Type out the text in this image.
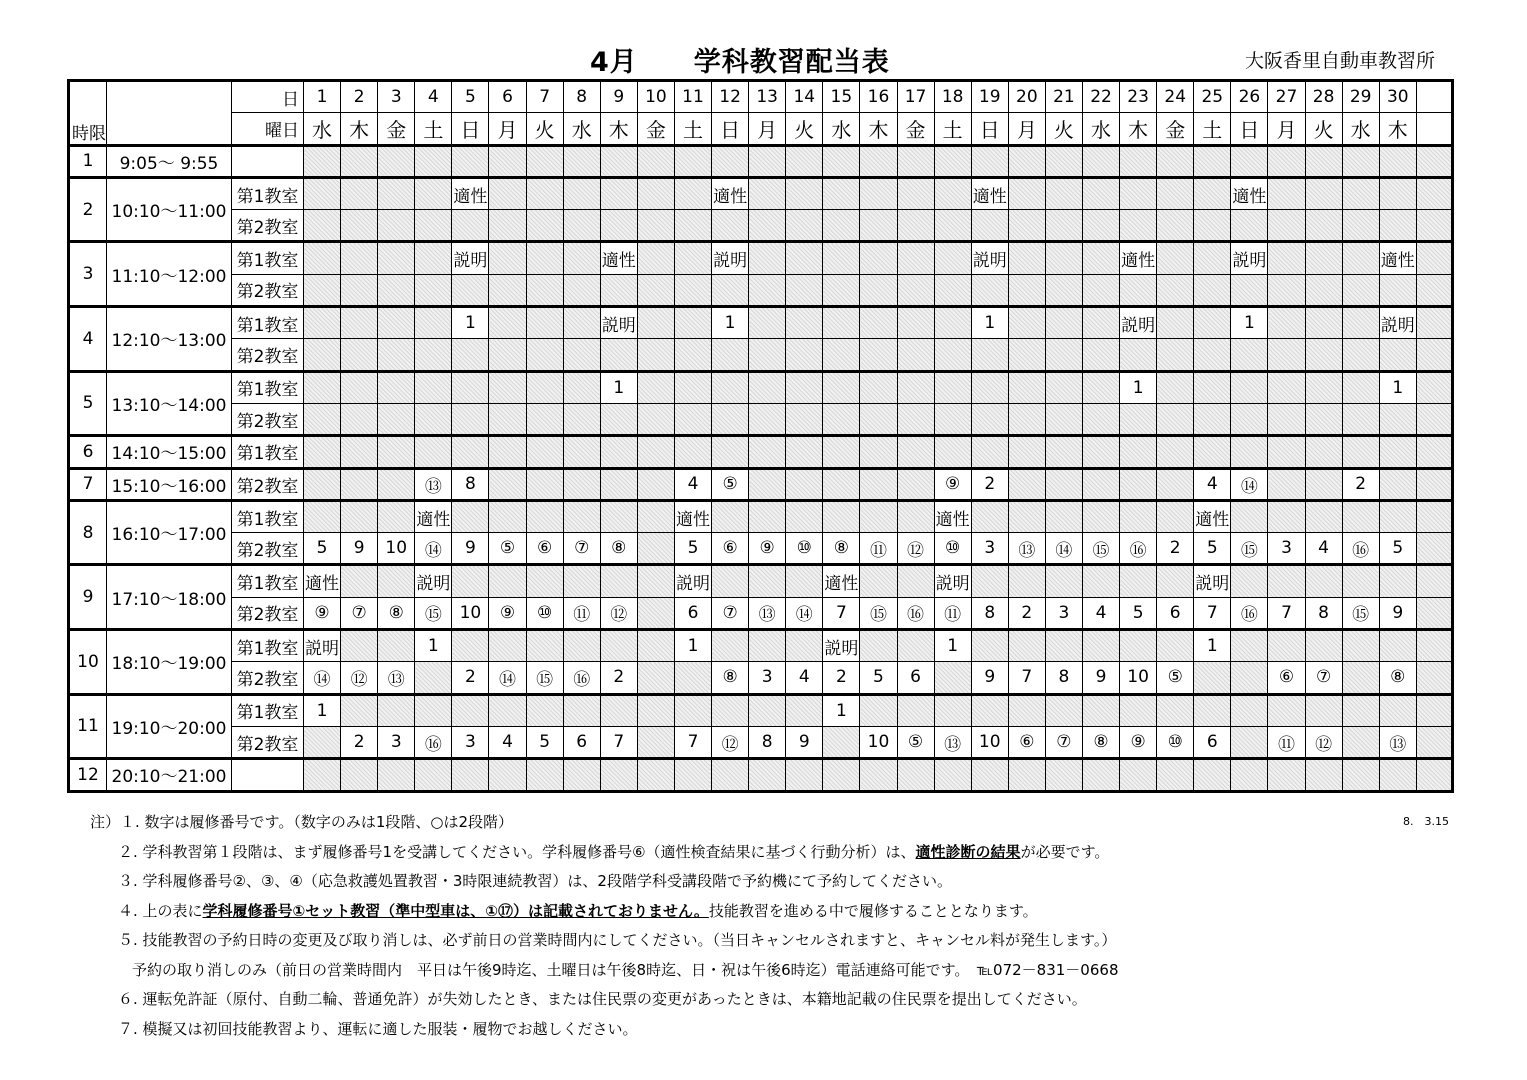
4月　　学科教習配当表	大阪香里自動車教習所
時限		日	1	2	3	4	5	6	7	8	9	10	11	12	13	14	15	16	17	18	19	20	21	22	23	24	25	26	27	28	29	30	
		曜日	水	木	金	土	日	月	火	水	木	金	土	日	月	火	水	木	金	土	日	月	火	水	木	金	土	日	月	火	水	木	
1	9:05～ 9:55																																
2	10:10～11:00	第1教室					適性							適性							適性							適性					
		第2教室																															
3	11:10～12:00	第1教室					説明				適性			説明							説明				適性			説明				適性	
		第2教室																															
4	12:10～13:00	第1教室					1				説明			1							1				説明			1				説明	
		第2教室																															
5	13:10～14:00	第1教室									1														1							1	
		第2教室																															
6	14:10～15:00	第1教室																															
7	15:10～16:00	第2教室				⑬	8						4	⑤						⑨	2						4	⑭			2		
8	16:10～17:00	第1教室				適性							適性							適性							適性						
		第2教室	5	9	10	⑭	9	⑤	⑥	⑦	⑧		5	⑥	⑨	⑩	⑧	⑪	⑫	⑩	3	⑬	⑭	⑮	⑯	2	5	⑮	3	4	⑯	5	
9	17:10～18:00	第1教室	適性			説明							説明				適性			説明							説明						
		第2教室	⑨	⑦	⑧	⑮	10	⑨	⑩	⑪	⑫		6	⑦	⑬	⑭	7	⑮	⑯	⑪	8	2	3	4	5	6	7	⑯	7	8	⑮	9	
10	18:10～19:00	第1教室	説明			1							1				説明			1							1						
		第2教室	⑭	⑫	⑬		2	⑭	⑮	⑯	2			⑧	3	4	2	5	6		9	7	8	9	10	⑤			⑥	⑦		⑧	
11	19:10～20:00	第1教室	1														1																
		第2教室		2	3	⑯	3	4	5	6	7		7	⑫	8	9		10	⑤	⑬	10	⑥	⑦	⑧	⑨	⑩	6		⑪	⑫		⑬	
12	20:10～21:00																																
8.　3.15
注）１. 数字は履修番号です。（数字のみは1段階、○は2段階）
２. 学科教習第１段階は、まず履修番号1を受講してください。学科履修番号⑥（適性検査結果に基づく行動分析）は、適性診断の結果が必要です。
３. 学科履修番号②、③、④（応急救護処置教習・3時限連続教習）は、2段階学科受講段階で予約機にて予約してください。
４. 上の表に学科履修番号①セット教習（準中型車は、①⑰）は記載されておりません。技能教習を進める中で履修することとなります。
５. 技能教習の予約日時の変更及び取り消しは、必ず前日の営業時間内にしてください。（当日キャンセルされますと、キャンセル料が発生します。）
予約の取り消しのみ（前日の営業時間内　平日は午後9時迄、土曜日は午後8時迄、日・祝は午後6時迄）電話連絡可能です。　℡072－831－0668
６. 運転免許証（原付、自動二輪、普通免許）が失効したとき、または住民票の変更があったときは、本籍地記載の住民票を提出してください。
７. 模擬又は初回技能教習より、運転に適した服装・履物でお越しください。
